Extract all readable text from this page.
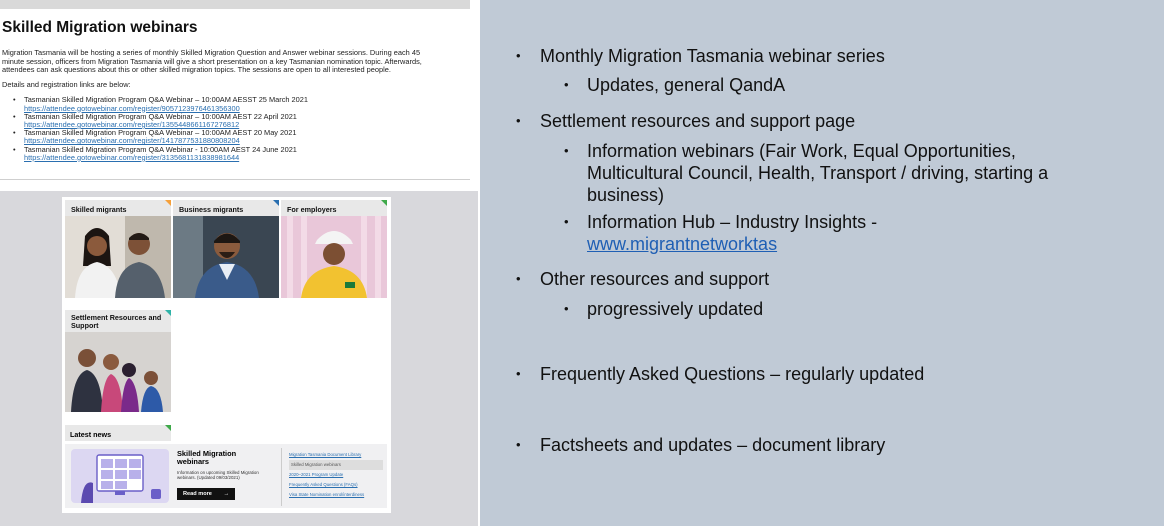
Skilled Migration webinars

Migration Tasmania will be hosting a series of monthly Skilled Migration Question and Answer webinar sessions. During each 45 minute session, officers from Migration Tasmania will give a short presentation on a key Tasmanian nomination topic. Afterwards, attendees can ask questions about this or other skilled migration topics. The sessions are open to all interested people.

Details and registration links are below:

• Tasmanian Skilled Migration Program Q&A Webinar – 10:00AM AESST 25 March 2021
https://attendee.gotowebinar.com/register/9057123976461356300
• Tasmanian Skilled Migration Program Q&A Webinar – 10:00AM AEST 22 April 2021
https://attendee.gotowebinar.com/register/1355448661167276812
• Tasmanian Skilled Migration Program Q&A Webinar – 10:00AM AEST 20 May 2021
https://attendee.gotowebinar.com/register/1417877531880808204
• Tasmanian Skilled Migration Program Q&A Webinar - 10:00AM AEST 24 June 2021
https://attendee.gotowebinar.com/register/3135681131838981644
Skilled migrants	Business migrants	For employers
Settlement Resources and Support
Latest news
Skilled Migration webinars
Information on upcoming Skilled Migration webinars. (Updated 09/03/2021)
Read more →
Migration Tasmania Document Library
Skilled Migration webinars
2020–2021 Program Update
Frequently Asked Questions (FAQs)
Visa State Nomination enrol/interdiness
• Monthly Migration Tasmania webinar series
• Updates, general QandA
• Settlement resources and support page
• Information webinars (Fair Work, Equal Opportunities, Multicultural Council, Health, Transport / driving, starting a business)
• Information Hub – Industry Insights -
www.migrantnetworktas
• Other resources and support
• progressively updated
• Frequently Asked Questions – regularly updated
• Factsheets and updates – document library
